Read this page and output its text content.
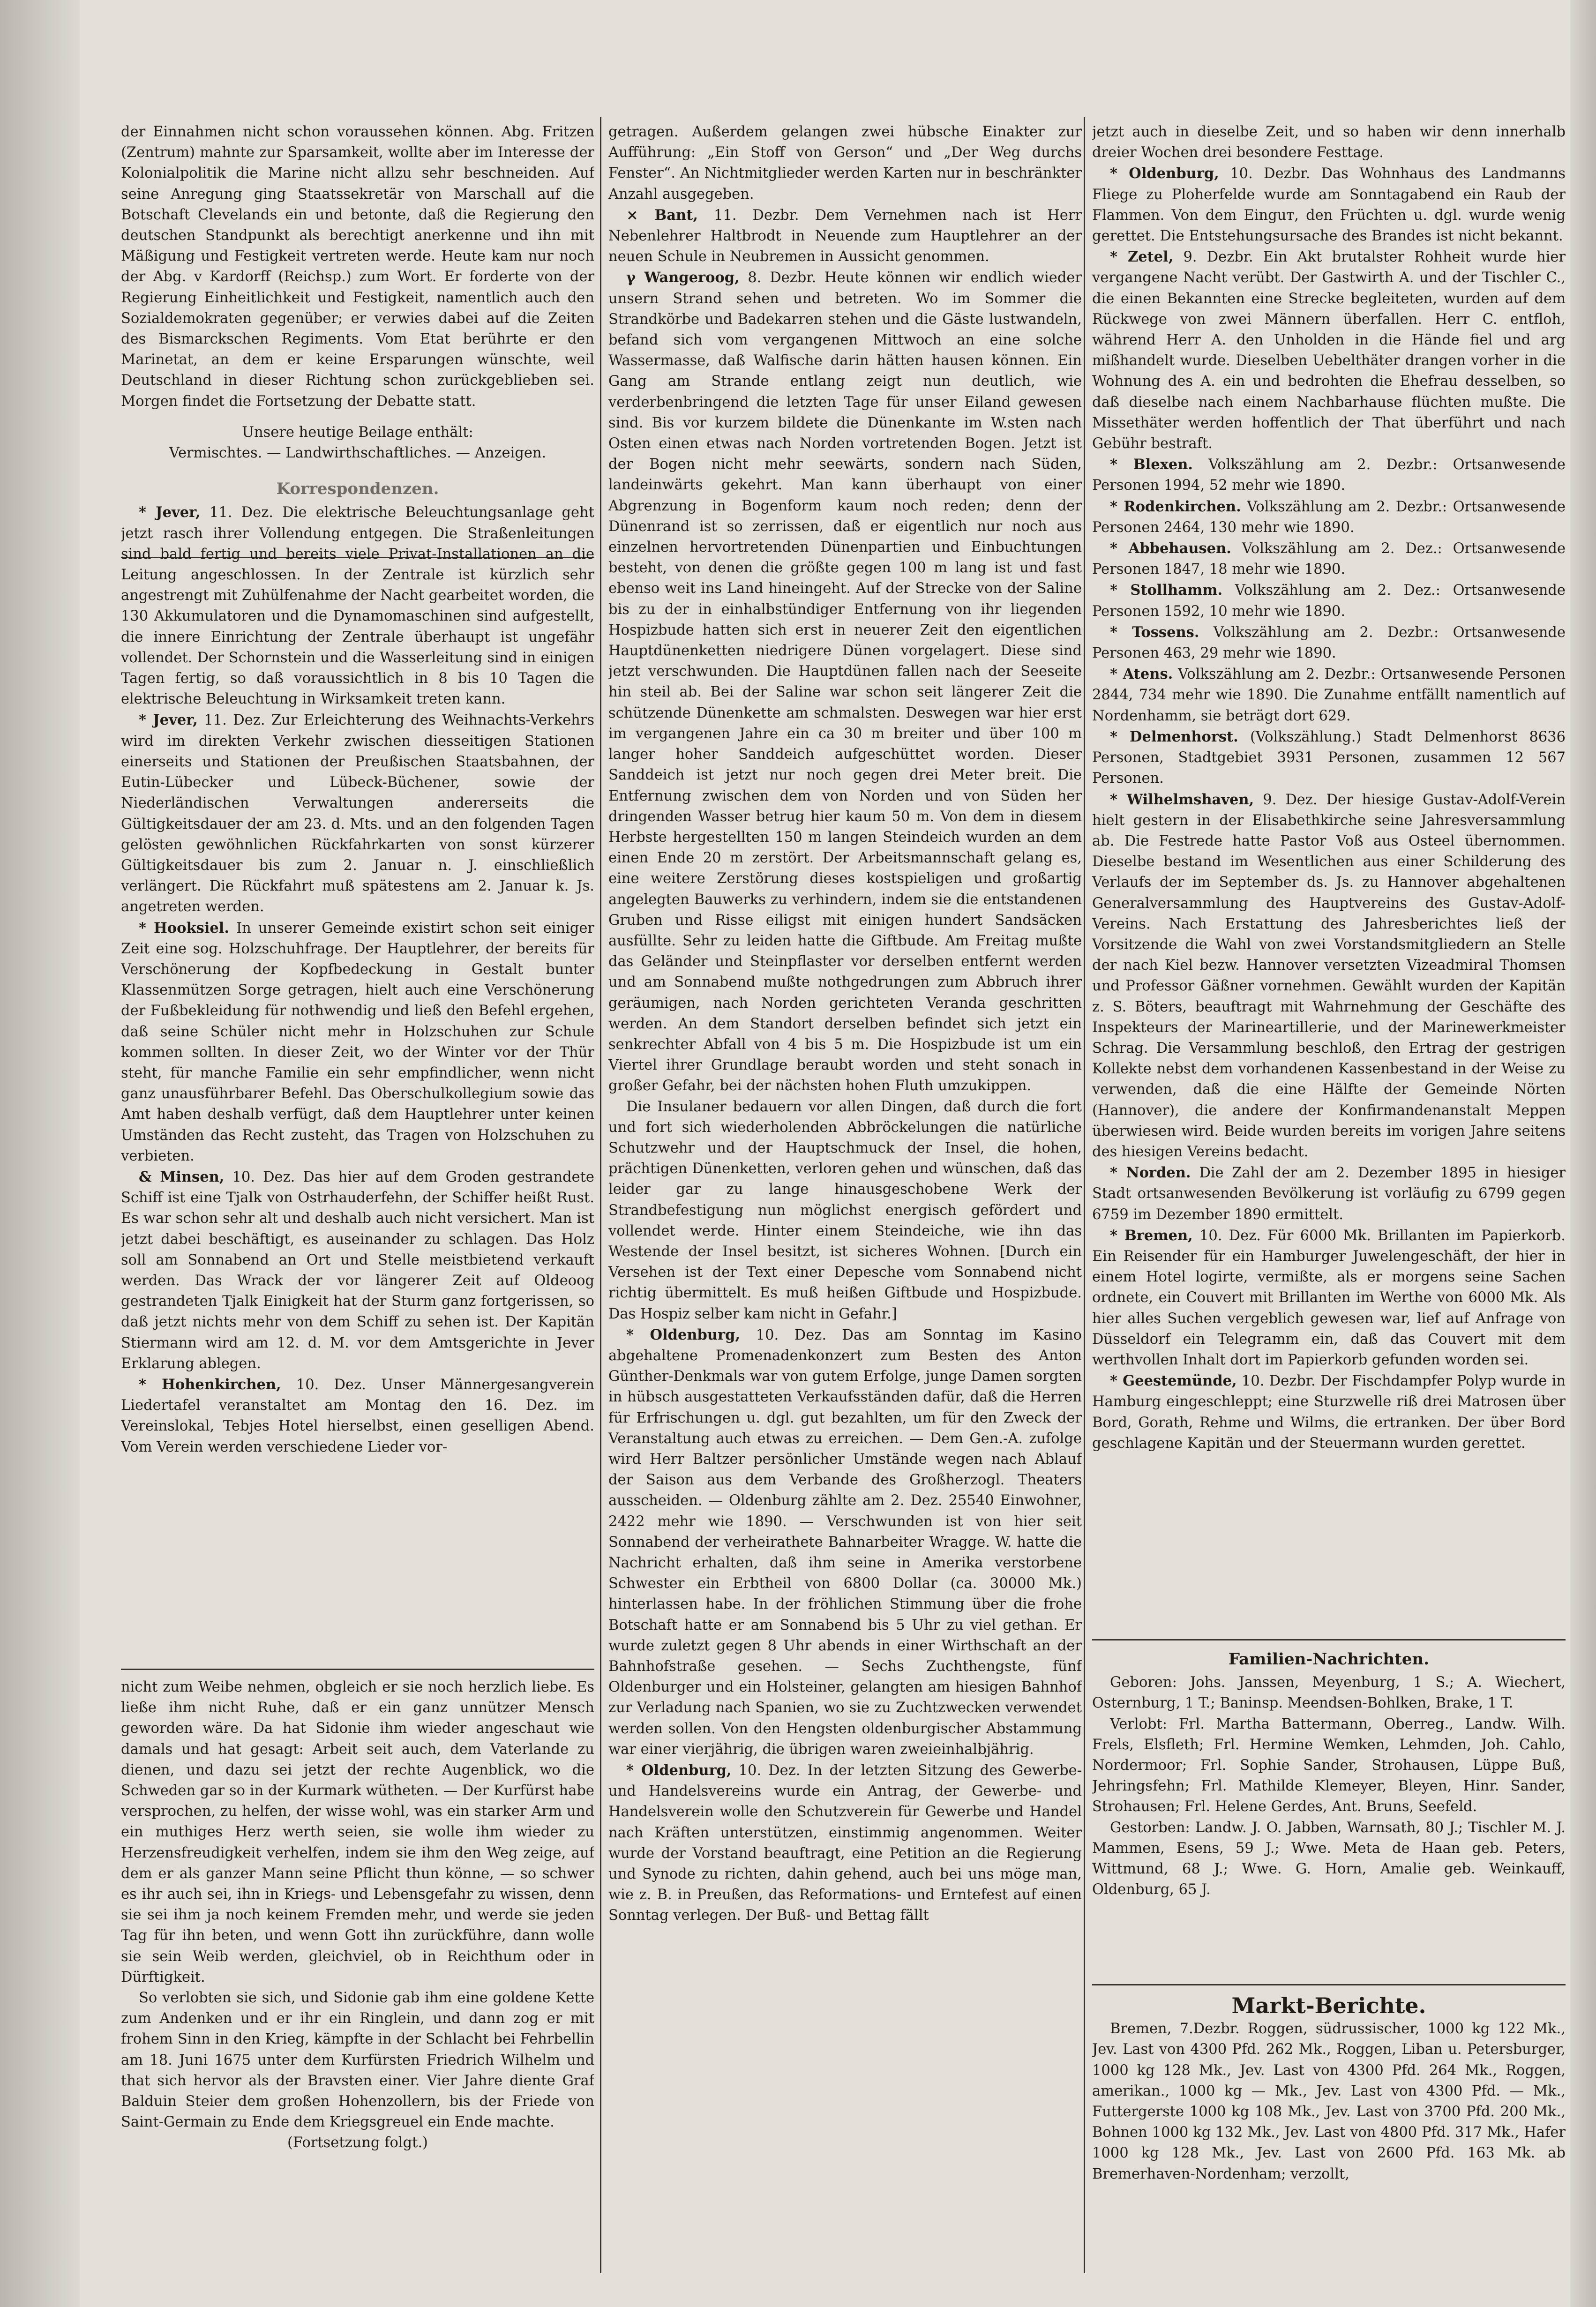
der Einnahmen nicht schon voraussehen können. Abg. Fritzen (Zentrum) mahnte zur Sparsamkeit, wollte aber im Interesse der Kolonialpolitik die Marine nicht allzu sehr beschneiden. Auf seine Anregung ging Staatssekretär von Marschall auf die Botschaft Clevelands ein und betonte, daß die Regierung den deutschen Standpunkt als berechtigt anerkenne und ihn mit Mäßigung und Festigkeit vertreten werde. Heute kam nur noch der Abg. v Kardorff (Reichsp.) zum Wort. Er forderte von der Regierung Einheitlichkeit und Festigkeit, namentlich auch den Sozialdemokraten gegenüber; er verwies dabei auf die Zeiten des Bismarckschen Regiments. Vom Etat berührte er den Marinetat, an dem er keine Ersparungen wünschte, weil Deutschland in dieser Richtung schon zurückgeblieben sei. Morgen findet die Fortsetzung der Debatte statt.

Unsere heutige Beilage enthält:

Vermischtes. — Landwirthschaftliches. — Anzeigen.

Korrespondenzen.

* Jever, 11. Dez. Die elektrische Beleuchtungsanlage geht jetzt rasch ihrer Vollendung entgegen. Die Straßenleitungen sind bald fertig und bereits viele Privat-Installationen an die Leitung angeschlossen. In der Zentrale ist kürzlich sehr angestrengt mit Zuhülfenahme der Nacht gearbeitet worden, die 130 Akkumulatoren und die Dynamomaschinen sind aufgestellt, die innere Einrichtung der Zentrale überhaupt ist ungefähr vollendet. Der Schornstein und die Wasserleitung sind in einigen Tagen fertig, so daß voraussichtlich in 8 bis 10 Tagen die elektrische Beleuchtung in Wirksamkeit treten kann.

* Jever, 11. Dez. Zur Erleichterung des Weihnachts-Verkehrs wird im direkten Verkehr zwischen diesseitigen Stationen einerseits und Stationen der Preußischen Staatsbahnen, der Eutin-Lübecker und Lübeck-Büchener, sowie der Niederländischen Verwaltungen andererseits die Gültigkeitsdauer der am 23. d. Mts. und an den folgenden Tagen gelösten gewöhnlichen Rückfahrkarten von sonst kürzerer Gültigkeitsdauer bis zum 2. Januar n. J. einschließlich verlängert. Die Rückfahrt muß spätestens am 2. Januar k. Js. angetreten werden.

* Hooksiel. In unserer Gemeinde existirt schon seit einiger Zeit eine sog. Holzschuhfrage. Der Hauptlehrer, der bereits für Verschönerung der Kopfbedeckung in Gestalt bunter Klassenmützen Sorge getragen, hielt auch eine Verschönerung der Fußbekleidung für nothwendig und ließ den Befehl ergehen, daß seine Schüler nicht mehr in Holzschuhen zur Schule kommen sollten. In dieser Zeit, wo der Winter vor der Thür steht, für manche Familie ein sehr empfindlicher, wenn nicht ganz unausführbarer Befehl. Das Oberschulkollegium sowie das Amt haben deshalb verfügt, daß dem Hauptlehrer unter keinen Umständen das Recht zusteht, das Tragen von Holzschuhen zu verbieten.

& Minsen, 10. Dez. Das hier auf dem Groden gestrandete Schiff ist eine Tjalk von Ostrhauderfehn, der Schiffer heißt Rust. Es war schon sehr alt und deshalb auch nicht versichert. Man ist jetzt dabei beschäftigt, es auseinander zu schlagen. Das Holz soll am Sonnabend an Ort und Stelle meistbietend verkauft werden. Das Wrack der vor längerer Zeit auf Oldeoog gestrandeten Tjalk Einigkeit hat der Sturm ganz fortgerissen, so daß jetzt nichts mehr von dem Schiff zu sehen ist. Der Kapitän Stiermann wird am 12. d. M. vor dem Amtsgerichte in Jever Erklarung ablegen.

* Hohenkirchen, 10. Dez. Unser Männergesangverein Liedertafel veranstaltet am Montag den 16. Dez. im Vereinslokal, Tebjes Hotel hierselbst, einen geselligen Abend. Vom Verein werden verschiedene Lieder vor-

nicht zum Weibe nehmen, obgleich er sie noch herzlich liebe. Es ließe ihm nicht Ruhe, daß er ein ganz unnützer Mensch geworden wäre. Da hat Sidonie ihm wieder angeschaut wie damals und hat gesagt: Arbeit seit auch, dem Vaterlande zu dienen, und dazu sei jetzt der rechte Augenblick, wo die Schweden gar so in der Kurmark wütheten. — Der Kurfürst habe versprochen, zu helfen, der wisse wohl, was ein starker Arm und ein muthiges Herz werth seien, sie wolle ihm wieder zu Herzensfreudigkeit verhelfen, indem sie ihm den Weg zeige, auf dem er als ganzer Mann seine Pflicht thun könne, — so schwer es ihr auch sei, ihn in Kriegs- und Lebensgefahr zu wissen, denn sie sei ihm ja noch keinem Fremden mehr, und werde sie jeden Tag für ihn beten, und wenn Gott ihn zurückführe, dann wolle sie sein Weib werden, gleichviel, ob in Reichthum oder in Dürftigkeit.

So verlobten sie sich, und Sidonie gab ihm eine goldene Kette zum Andenken und er ihr ein Ringlein, und dann zog er mit frohem Sinn in den Krieg, kämpfte in der Schlacht bei Fehrbellin am 18. Juni 1675 unter dem Kurfürsten Friedrich Wilhelm und that sich hervor als der Bravsten einer. Vier Jahre diente Graf Balduin Steier dem großen Hohenzollern, bis der Friede von Saint-Germain zu Ende dem Kriegsgreuel ein Ende machte.

(Fortsetzung folgt.)

getragen. Außerdem gelangen zwei hübsche Einakter zur Aufführung: „Ein Stoff von Gerson“ und „Der Weg durchs Fenster“. An Nichtmitglieder werden Karten nur in beschränkter Anzahl ausgegeben.

× Bant, 11. Dezbr. Dem Vernehmen nach ist Herr Nebenlehrer Haltbrodt in Neuende zum Hauptlehrer an der neuen Schule in Neubremen in Aussicht genommen.

γ Wangeroog, 8. Dezbr. Heute können wir endlich wieder unsern Strand sehen und betreten. Wo im Sommer die Strandkörbe und Badekarren stehen und die Gäste lustwandeln, befand sich vom vergangenen Mittwoch an eine solche Wassermasse, daß Walfische darin hätten hausen können. Ein Gang am Strande entlang zeigt nun deutlich, wie verderbenbringend die letzten Tage für unser Eiland gewesen sind. Bis vor kurzem bildete die Dünenkante im W.sten nach Osten einen etwas nach Norden vortretenden Bogen. Jetzt ist der Bogen nicht mehr seewärts, sondern nach Süden, landeinwärts gekehrt. Man kann überhaupt von einer Abgrenzung in Bogenform kaum noch reden; denn der Dünenrand ist so zerrissen, daß er eigentlich nur noch aus einzelnen hervortretenden Dünenpartien und Einbuchtungen besteht, von denen die größte gegen 100 m lang ist und fast ebenso weit ins Land hineingeht. Auf der Strecke von der Saline bis zu der in einhalbstündiger Entfernung von ihr liegenden Hospizbude hatten sich erst in neuerer Zeit den eigentlichen Hauptdünenketten niedrigere Dünen vorgelagert. Diese sind jetzt verschwunden. Die Hauptdünen fallen nach der Seeseite hin steil ab. Bei der Saline war schon seit längerer Zeit die schützende Dünenkette am schmalsten. Deswegen war hier erst im vergangenen Jahre ein ca 30 m breiter und über 100 m langer hoher Sanddeich aufgeschüttet worden. Dieser Sanddeich ist jetzt nur noch gegen drei Meter breit. Die Entfernung zwischen dem von Norden und von Süden her dringenden Wasser betrug hier kaum 50 m. Von dem in diesem Herbste hergestellten 150 m langen Steindeich wurden an dem einen Ende 20 m zerstört. Der Arbeitsmannschaft gelang es, eine weitere Zerstörung dieses kostspieligen und großartig angelegten Bauwerks zu verhindern, indem sie die entstandenen Gruben und Risse eiligst mit einigen hundert Sandsäcken ausfüllte. Sehr zu leiden hatte die Giftbude. Am Freitag mußte das Geländer und Steinpflaster vor derselben entfernt werden und am Sonnabend mußte nothgedrungen zum Abbruch ihrer geräumigen, nach Norden gerichteten Veranda geschritten werden. An dem Standort derselben befindet sich jetzt ein senkrechter Abfall von 4 bis 5 m. Die Hospizbude ist um ein Viertel ihrer Grundlage beraubt worden und steht sonach in großer Gefahr, bei der nächsten hohen Fluth umzukippen.

Die Insulaner bedauern vor allen Dingen, daß durch die fort und fort sich wiederholenden Abbröckelungen die natürliche Schutzwehr und der Hauptschmuck der Insel, die hohen, prächtigen Dünenketten, verloren gehen und wünschen, daß das leider gar zu lange hinausgeschobene Werk der Strandbefestigung nun möglichst energisch gefördert und vollendet werde. Hinter einem Steindeiche, wie ihn das Westende der Insel besitzt, ist sicheres Wohnen. [Durch ein Versehen ist der Text einer Depesche vom Sonnabend nicht richtig übermittelt. Es muß heißen Giftbude und Hospizbude. Das Hospiz selber kam nicht in Gefahr.]

* Oldenburg, 10. Dez. Das am Sonntag im Kasino abgehaltene Promenadenkonzert zum Besten des Anton Günther-Denkmals war von gutem Erfolge, junge Damen sorgten in hübsch ausgestatteten Verkaufsständen dafür, daß die Herren für Erfrischungen u. dgl. gut bezahlten, um für den Zweck der Veranstaltung auch etwas zu erreichen. — Dem Gen.-A. zufolge wird Herr Baltzer persönlicher Umstände wegen nach Ablauf der Saison aus dem Verbande des Großherzogl. Theaters ausscheiden. — Oldenburg zählte am 2. Dez. 25540 Einwohner, 2422 mehr wie 1890. — Verschwunden ist von hier seit Sonnabend der verheirathete Bahnarbeiter Wragge. W. hatte die Nachricht erhalten, daß ihm seine in Amerika verstorbene Schwester ein Erbtheil von 6800 Dollar (ca. 30000 Mk.) hinterlassen habe. In der fröhlichen Stimmung über die frohe Botschaft hatte er am Sonnabend bis 5 Uhr zu viel gethan. Er wurde zuletzt gegen 8 Uhr abends in einer Wirthschaft an der Bahnhofstraße gesehen. — Sechs Zuchthengste, fünf Oldenburger und ein Holsteiner, gelangten am hiesigen Bahnhof zur Verladung nach Spanien, wo sie zu Zuchtzwecken verwendet werden sollen. Von den Hengsten oldenburgischer Abstammung war einer vierjährig, die übrigen waren zweieinhalbjährig.

* Oldenburg, 10. Dez. In der letzten Sitzung des Gewerbe- und Handelsvereins wurde ein Antrag, der Gewerbe- und Handelsverein wolle den Schutzverein für Gewerbe und Handel nach Kräften unterstützen, einstimmig angenommen. Weiter wurde der Vorstand beauftragt, eine Petition an die Regierung und Synode zu richten, dahin gehend, auch bei uns möge man, wie z. B. in Preußen, das Reformations- und Erntefest auf einen Sonntag verlegen. Der Buß- und Bettag fällt

jetzt auch in dieselbe Zeit, und so haben wir denn innerhalb dreier Wochen drei besondere Festtage.

* Oldenburg, 10. Dezbr. Das Wohnhaus des Landmanns Fliege zu Ploherfelde wurde am Sonntagabend ein Raub der Flammen. Von dem Einguт, den Früchten u. dgl. wurde wenig gerettet. Die Entstehungsursache des Brandes ist nicht bekannt.

* Zetel, 9. Dezbr. Ein Akt brutalster Rohheit wurde hier vergangene Nacht verübt. Der Gastwirth A. und der Tischler C., die einen Bekannten eine Strecke begleiteten, wurden auf dem Rückwege von zwei Männern überfallen. Herr C. entfloh, während Herr A. den Unholden in die Hände fiel und arg mißhandelt wurde. Dieselben Uebelthäter drangen vorher in die Wohnung des A. ein und bedrohten die Ehefrau desselben, so daß dieselbe nach einem Nachbarhause flüchten mußte. Die Missethäter werden hoffentlich der That überführt und nach Gebühr bestraft.

* Blexen. Volkszählung am 2. Dezbr.: Ortsanwesende Personen 1994, 52 mehr wie 1890.

* Rodenkirchen. Volkszählung am 2. Dezbr.: Ortsanwesende Personen 2464, 130 mehr wie 1890.

* Abbehausen. Volkszählung am 2. Dez.: Ortsanwesende Personen 1847, 18 mehr wie 1890.

* Stollhamm. Volkszählung am 2. Dez.: Ortsanwesende Personen 1592, 10 mehr wie 1890.

* Tossens. Volkszählung am 2. Dezbr.: Ortsanwesende Personen 463, 29 mehr wie 1890.

* Atens. Volkszählung am 2. Dezbr.: Ortsanwesende Personen 2844, 734 mehr wie 1890. Die Zunahme entfällt namentlich auf Nordenhamm, sie beträgt dort 629.

* Delmenhorst. (Volkszählung.) Stadt Delmenhorst 8636 Personen, Stadtgebiet 3931 Personen, zusammen 12 567 Personen.

* Wilhelmshaven, 9. Dez. Der hiesige Gustav-Adolf-Verein hielt gestern in der Elisabethkirche seine Jahresversammlung ab. Die Festrede hatte Pastor Voß aus Osteel übernommen. Dieselbe bestand im Wesentlichen aus einer Schilderung des Verlaufs der im September ds. Js. zu Hannover abgehaltenen Generalversammlung des Hauptvereins des Gustav-Adolf-Vereins. Nach Erstattung des Jahresberichtes ließ der Vorsitzende die Wahl von zwei Vorstandsmitgliedern an Stelle der nach Kiel bezw. Hannover versetzten Vizeadmiral Thomsen und Professor Gäßner vornehmen. Gewählt wurden der Kapitän z. S. Böters, beauftragt mit Wahrnehmung der Geschäfte des Inspekteurs der Marineartillerie, und der Marinewerkmeister Schrag. Die Versammlung beschloß, den Ertrag der gestrigen Kollekte nebst dem vorhandenen Kassenbestand in der Weise zu verwenden, daß die eine Hälfte der Gemeinde Nörten (Hannover), die andere der Konfirmandenanstalt Meppen überwiesen wird. Beide wurden bereits im vorigen Jahre seitens des hiesigen Vereins bedacht.

* Norden. Die Zahl der am 2. Dezember 1895 in hiesiger Stadt ortsanwesenden Bevölkerung ist vorläufig zu 6799 gegen 6759 im Dezember 1890 ermittelt.

* Bremen, 10. Dez. Für 6000 Mk. Brillanten im Papierkorb. Ein Reisender für ein Hamburger Juwelengeschäft, der hier in einem Hotel logirte, vermißte, als er morgens seine Sachen ordnete, ein Couvert mit Brillanten im Werthe von 6000 Mk. Als hier alles Suchen vergeblich gewesen war, lief auf Anfrage von Düsseldorf ein Telegramm ein, daß das Couvert mit dem werthvollen Inhalt dort im Papierkorb gefunden worden sei.

* Geestemünde, 10. Dezbr. Der Fischdampfer Polyp wurde in Hamburg eingeschleppt; eine Sturzwelle riß drei Matrosen über Bord, Gorath, Rehme und Wilms, die ertranken. Der über Bord geschlagene Kapitän und der Steuermann wurden gerettet.

Familien-Nachrichten.

Geboren: Johs. Janssen, Meyenburg, 1 S.; A. Wiechert, Osternburg, 1 T.; Baninsp. Meendsen-Bohlken, Brake, 1 T.

Verlobt: Frl. Martha Battermann, Oberreg., Landw. Wilh. Frels, Elsfleth; Frl. Hermine Wemken, Lehmden, Joh. Cahlo, Nordermoor; Frl. Sophie Sander, Strohausen, Lüppe Buß, Jehringsfehn; Frl. Mathilde Klemeyer, Bleyen, Hinr. Sander, Strohausen; Frl. Helene Gerdes, Ant. Bruns, Seefeld.

Gestorben: Landw. J. O. Jabben, Warnsath, 80 J.; Tischler M. J. Mammen, Esens, 59 J.; Wwe. Meta de Haan geb. Peters, Wittmund, 68 J.; Wwe. G. Horn, Amalie geb. Weinkauff, Oldenburg, 65 J.

Markt-Berichte.

Bremen, 7.Dezbr. Roggen, südrussischer, 1000 kg 122 Mk., Jev. Last von 4300 Pfd. 262 Mk., Roggen, Liban u. Petersburger, 1000 kg 128 Mk., Jev. Last von 4300 Pfd. 264 Mk., Roggen, amerikan., 1000 kg — Mk., Jev. Last von 4300 Pfd. — Mk., Futtergerste 1000 kg 108 Mk., Jev. Last von 3700 Pfd. 200 Mk., Bohnen 1000 kg 132 Mk., Jev. Last von 4800 Pfd. 317 Mk., Hafer 1000 kg 128 Mk., Jev. Last von 2600 Pfd. 163 Mk. ab Bremerhaven-Nordenham; verzollt,
